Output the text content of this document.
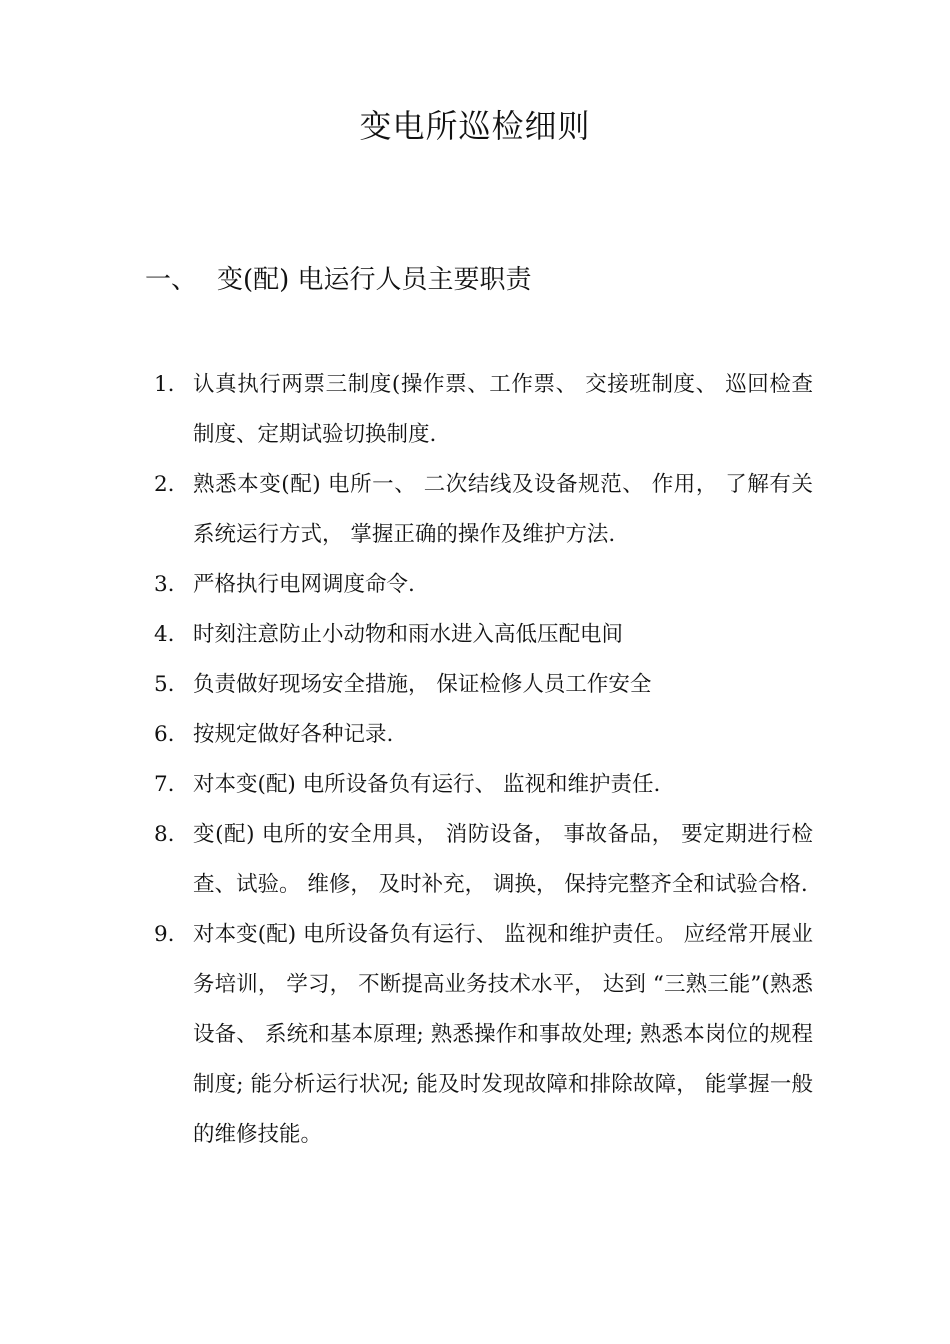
变电所巡检细则
一、 变(配) 电运行人员主要职责
1. 认真执行两票三制度(操作票、工作票、 交接班制度、 巡回检查制度、定期试验切换制度.
2. 熟悉本变(配) 电所一、 二次结线及设备规范、 作用， 了解有关系统运行方式， 掌握正确的操作及维护方法.
3. 严格执行电网调度命令.
4. 时刻注意防止小动物和雨水进入高低压配电间
5. 负责做好现场安全措施， 保证检修人员工作安全
6. 按规定做好各种记录.
7. 对本变(配) 电所设备负有运行、 监视和维护责任.
8. 变(配) 电所的安全用具， 消防设备， 事故备品， 要定期进行检查、试验。 维修， 及时补充， 调换， 保持完整齐全和试验合格.
9. 对本变(配) 电所设备负有运行、 监视和维护责任。 应经常开展业务培训， 学习， 不断提高业务技术水平， 达到 “三熟三能”(熟悉设备、 系统和基本原理; 熟悉操作和事故处理; 熟悉本岗位的规程制度; 能分析运行状况; 能及时发现故障和排除故障， 能掌握一般的维修技能。
